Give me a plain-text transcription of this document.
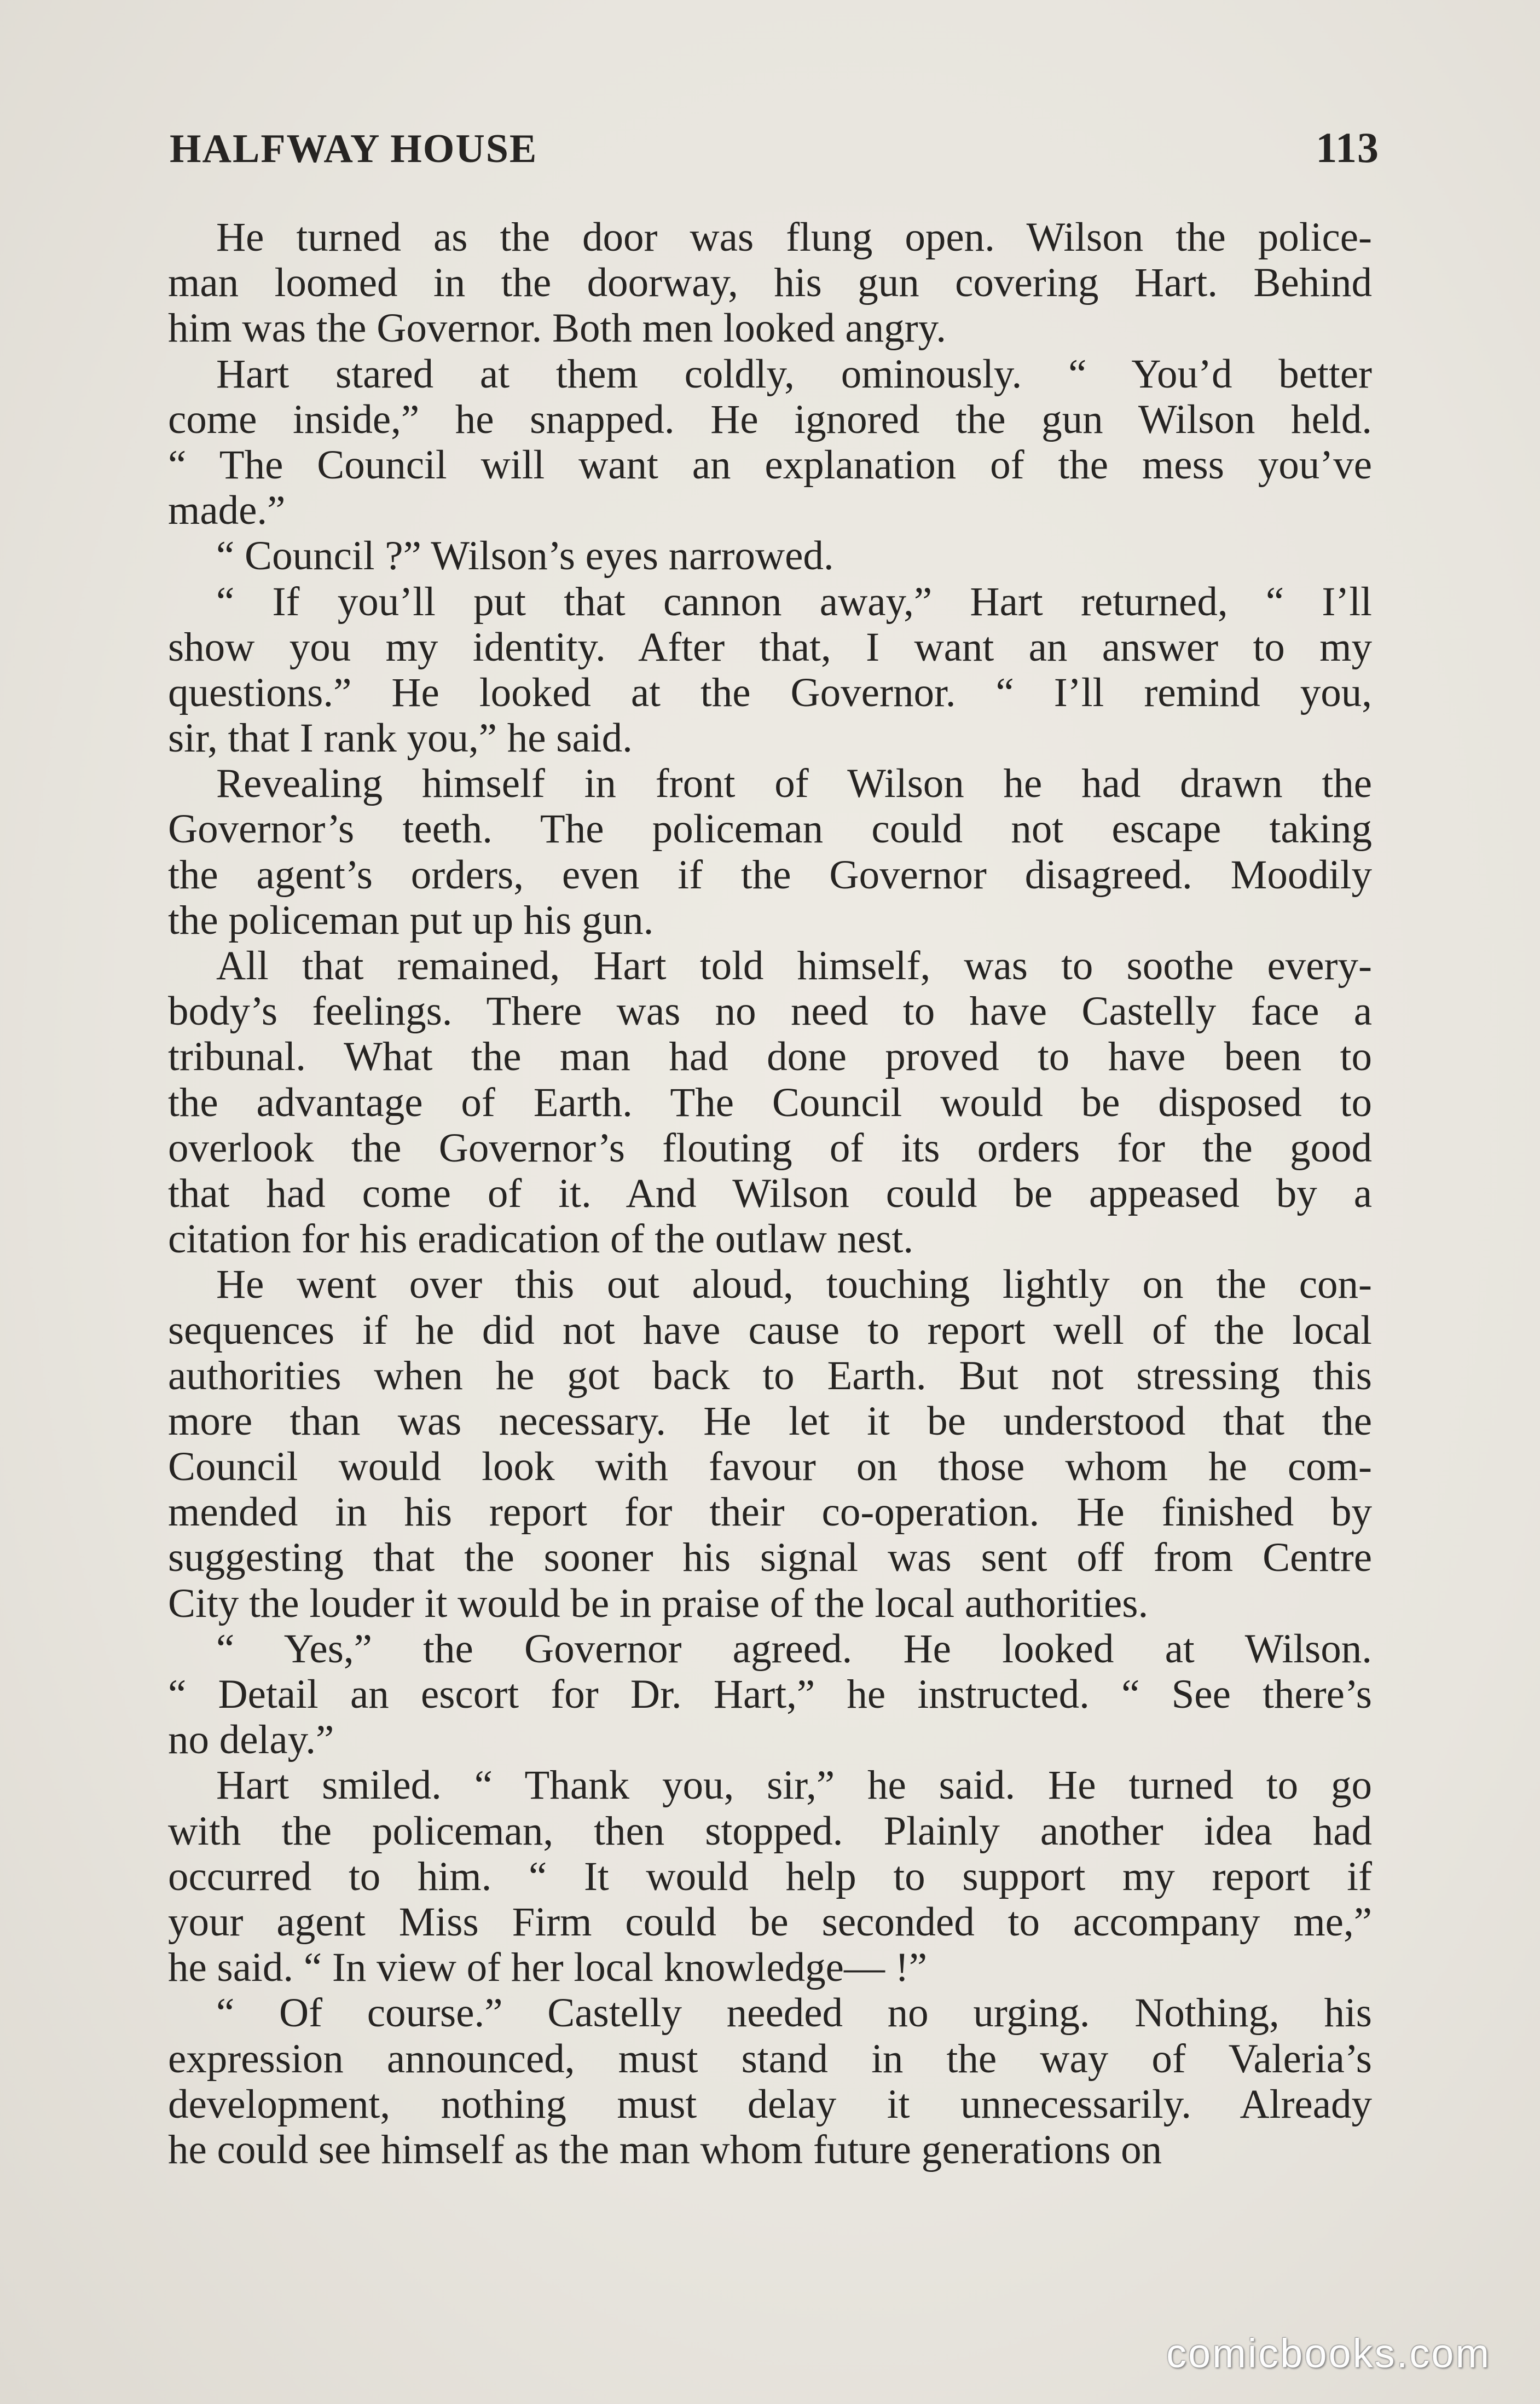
HALFWAY HOUSE	113
He turned as the door was flung open. Wilson the police-
man loomed in the doorway, his gun covering Hart. Behind
him was the Governor. Both men looked angry.
Hart stared at them coldly, ominously. “ You’d better
come inside,” he snapped. He ignored the gun Wilson held.
“ The Council will want an explanation of the mess you’ve
made.”
“ Council ?” Wilson’s eyes narrowed.
“ If you’ll put that cannon away,” Hart returned, “ I’ll
show you my identity. After that, I want an answer to my
questions.” He looked at the Governor. “ I’ll remind you,
sir, that I rank you,” he said.
Revealing himself in front of Wilson he had drawn the
Governor’s teeth. The policeman could not escape taking
the agent’s orders, even if the Governor disagreed. Moodily
the policeman put up his gun.
All that remained, Hart told himself, was to soothe every-
body’s feelings. There was no need to have Castelly face a
tribunal. What the man had done proved to have been to
the advantage of Earth. The Council would be disposed to
overlook the Governor’s flouting of its orders for the good
that had come of it. And Wilson could be appeased by a
citation for his eradication of the outlaw nest.
He went over this out aloud, touching lightly on the con-
sequences if he did not have cause to report well of the local
authorities when he got back to Earth. But not stressing this
more than was necessary. He let it be understood that the
Council would look with favour on those whom he com-
mended in his report for their co-operation. He finished by
suggesting that the sooner his signal was sent off from Centre
City the louder it would be in praise of the local authorities.
“ Yes,” the Governor agreed. He looked at Wilson.
“ Detail an escort for Dr. Hart,” he instructed. “ See there’s
no delay.”
Hart smiled. “ Thank you, sir,” he said. He turned to go
with the policeman, then stopped. Plainly another idea had
occurred to him. “ It would help to support my report if
your agent Miss Firm could be seconded to accompany me,”
he said. “ In view of her local knowledge— !”
“ Of course.” Castelly needed no urging. Nothing, his
expression announced, must stand in the way of Valeria’s
development, nothing must delay it unnecessarily. Already
he could see himself as the man whom future generations on
comicbooks.com
